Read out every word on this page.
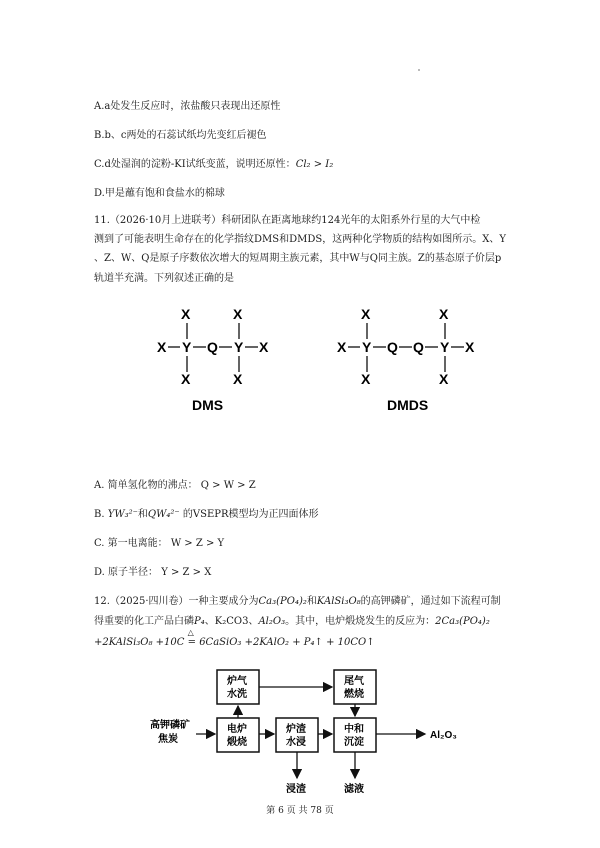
A.a处发生反应时，浓盐酸只表现出还原性
B.b、c两处的石蕊试纸均先变红后褪色
C.d处湿润的淀粉-KI试纸变蓝，说明还原性：Cl₂ > I₂
D.甲是蘸有饱和食盐水的棉球
11.（2026·10月上进联考）科研团队在距离地球约124光年的太阳系外行星的大气中检
测到了可能表明生命存在的化学指纹DMS和DMDS，这两种化学物质的结构如图所示。X、Y
、Z、W、Q是原子序数依次增大的短周期主族元素，其中W与Q同主族。Z的基态原子价层p
轨道半充满。下列叙述正确的是
X	X
X Y Q Y X
X	X
DMS
X	X
X Y Q Q Y X
X	X
DMDS
A. 简单氢化物的沸点： Q > W > Z
B. YW₃²⁻和QW₄²⁻ 的VSEPR模型均为正四面体形
C. 第一电离能： W > Z > Y
D. 原子半径： Y > Z > X
12.（2025·四川卷）一种主要成分为Ca₃(PO₄)₂和KAlSi₃O₈的高钾磷矿，通过如下流程可制
得重要的化工产品白磷P₄、K₂CO3、Al₂O₃。其中，电炉煅烧发生的反应为：2Ca₃(PO₄)₂
+2KAlSi₃O₈ +10C
△
= 6CaSiO₃ +2KAlO₂ + P₄↑ + 10CO↑
炉气
水洗
尾气
燃烧
电炉
煅烧
炉渣
水浸
中和
沉淀
高钾磷矿
焦炭	Al₂O₃
浸渣	滤液
第 6 页 共 78 页
